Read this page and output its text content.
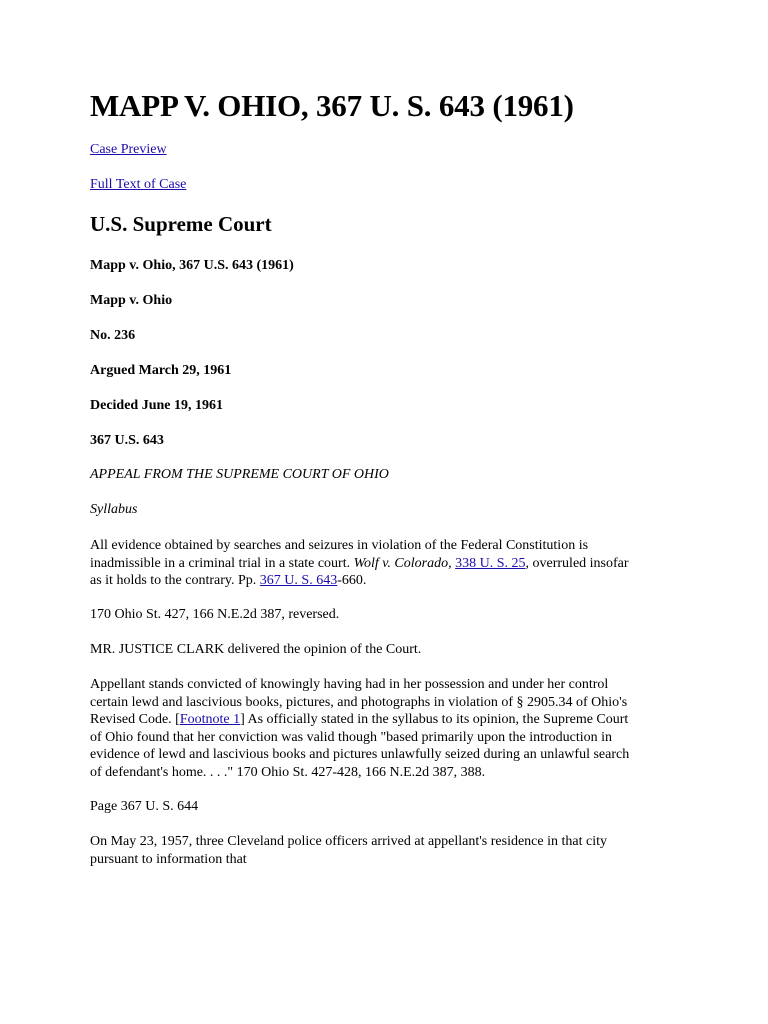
MAPP V. OHIO, 367 U. S. 643 (1961)
Case Preview
Full Text of Case
U.S. Supreme Court

Mapp v. Ohio, 367 U.S. 643 (1961)

Mapp v. Ohio

No. 236

Argued March 29, 1961

Decided June 19, 1961

367 U.S. 643

APPEAL FROM THE SUPREME COURT OF OHIO

Syllabus

All evidence obtained by searches and seizures in violation of the Federal Constitution is
inadmissible in a criminal trial in a state court. Wolf v. Colorado, 338 U. S. 25, overruled insofar
as it holds to the contrary. Pp. 367 U. S. 643-660.

170 Ohio St. 427, 166 N.E.2d 387, reversed.

MR. JUSTICE CLARK delivered the opinion of the Court.

Appellant stands convicted of knowingly having had in her possession and under her control
certain lewd and lascivious books, pictures, and photographs in violation of § 2905.34 of Ohio's
Revised Code. [Footnote 1] As officially stated in the syllabus to its opinion, the Supreme Court
of Ohio found that her conviction was valid though "based primarily upon the introduction in
evidence of lewd and lascivious books and pictures unlawfully seized during an unlawful search
of defendant's home. . . ." 170 Ohio St. 427-428, 166 N.E.2d 387, 388.

Page 367 U. S. 644

On May 23, 1957, three Cleveland police officers arrived at appellant's residence in that city
pursuant to information that
